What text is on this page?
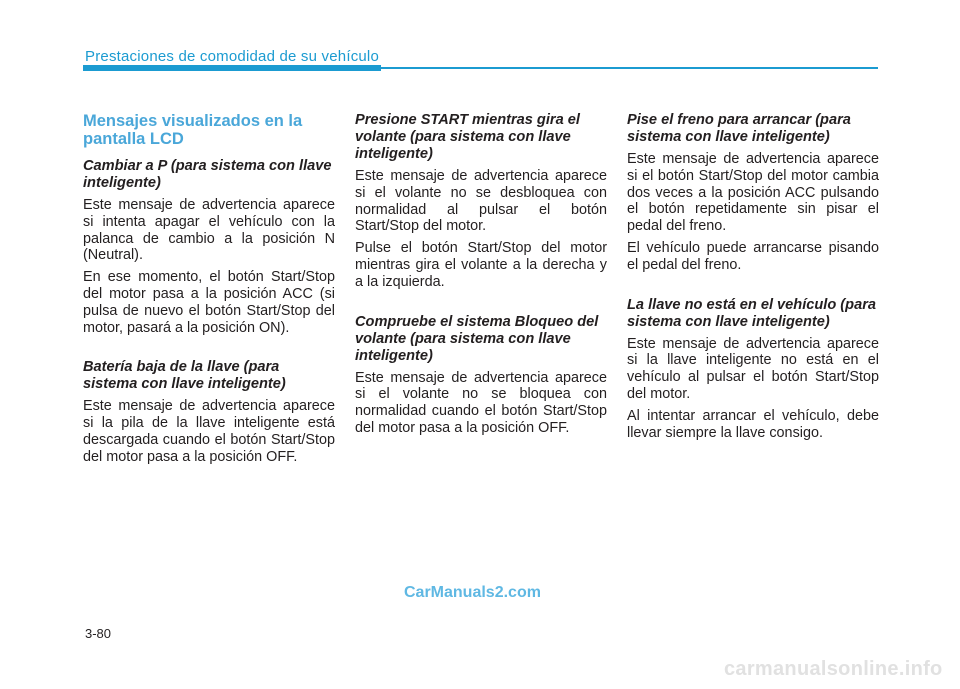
Prestaciones de comodidad de su vehículo
Mensajes visualizados en la pantalla LCD
Cambiar a P (para sistema con llave inteligente)

Este mensaje de advertencia aparece si intenta apagar el vehículo con la palanca de cambio a la posición N (Neutral).

En ese momento, el botón Start/Stop del motor pasa a la posición ACC (si pulsa de nuevo el botón Start/Stop del motor, pasará a la posición ON).

Batería baja de la llave (para sistema con llave inteligente)

Este mensaje de advertencia aparece si la pila de la llave inteligente está descargada cuando el botón Start/Stop del motor pasa a la posición OFF.

Presione START mientras gira el volante (para sistema con llave inteligente)

Este mensaje de advertencia aparece si el volante no se desbloquea con normalidad al pulsar el botón Start/Stop del motor.

Pulse el botón Start/Stop del motor mientras gira el volante a la derecha y a la izquierda.

Compruebe el sistema Bloqueo del volante (para sistema con llave inteligente)

Este mensaje de advertencia aparece si el volante no se bloquea con normalidad cuando el botón Start/Stop del motor pasa a la posición OFF.

Pise el freno para arrancar (para sistema con llave inteligente)

Este mensaje de advertencia aparece si el botón Start/Stop del motor cambia dos veces a la posición ACC pulsando el botón repetidamente sin pisar el pedal del freno.

El vehículo puede arrancarse pisando el pedal del freno.

La llave no está en el vehículo (para sistema con llave inteligente)

Este mensaje de advertencia aparece si la llave inteligente no está en el vehículo al pulsar el botón Start/Stop del motor.

Al intentar arrancar el vehículo, debe llevar siempre la llave consigo.

CarManuals2.com
3-80
carmanualsonline.info
